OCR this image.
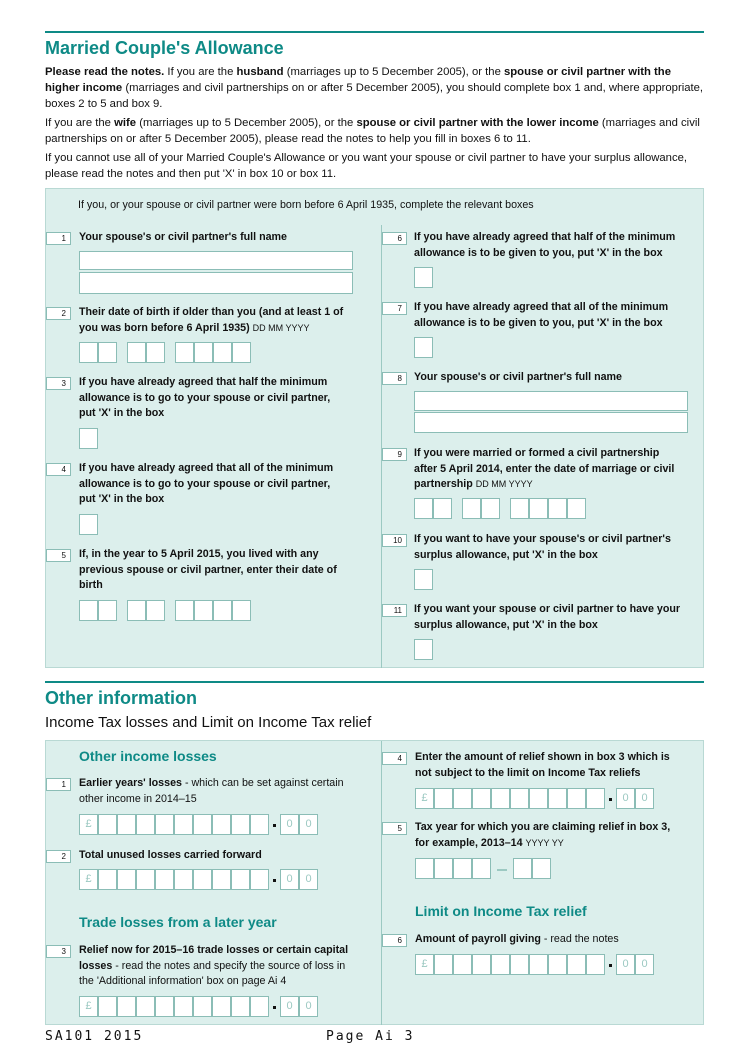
Married Couple's Allowance
Please read the notes. If you are the husband (marriages up to 5 December 2005), or the spouse or civil partner with the higher income (marriages and civil partnerships on or after 5 December 2005), you should complete box 1 and, where appropriate, boxes 2 to 5 and box 9.
If you are the wife (marriages up to 5 December 2005), or the spouse or civil partner with the lower income (marriages and civil partnerships on or after 5 December 2005), please read the notes to help you fill in boxes 6 to 11.
If you cannot use all of your Married Couple's Allowance or you want your spouse or civil partner to have your surplus allowance, please read the notes and then put 'X' in box 10 or box 11.
If you, or your spouse or civil partner were born before 6 April 1935, complete the relevant boxes
1	Your spouse's or civil partner's full name
2	Their date of birth if older than you (and at least 1 of you was born before 6 April 1935) DD MM YYYY
3	If you have already agreed that half the minimum allowance is to go to your spouse or civil partner, put 'X' in the box
4	If you have already agreed that all of the minimum allowance is to go to your spouse or civil partner, put 'X' in the box
5	If, in the year to 5 April 2015, you lived with any previous spouse or civil partner, enter their date of birth
6	If you have already agreed that half of the minimum allowance is to be given to you, put 'X' in the box
7	If you have already agreed that all of the minimum allowance is to be given to you, put 'X' in the box
8	Your spouse's or civil partner's full name
9	If you were married or formed a civil partnership after 5 April 2014, enter the date of marriage or civil partnership DD MM YYYY
10	If you want to have your spouse's or civil partner's surplus allowance, put 'X' in the box
11	If you want your spouse or civil partner to have your surplus allowance, put 'X' in the box
Other information
Income Tax losses and Limit on Income Tax relief
Other income losses
1	Earlier years' losses - which can be set against certain other income in 2014–15
£	0	0
2	Total unused losses carried forward
£	0	0
Trade losses from a later year
3	Relief now for 2015–16 trade losses or certain capital losses - read the notes and specify the source of loss in the 'Additional information' box on page Ai 4
£	0	0
4	Enter the amount of relief shown in box 3 which is not subject to the limit on Income Tax reliefs
£	0	0
5	Tax year for which you are claiming relief in box 3, for example, 2013–14 YYYY YY
Limit on Income Tax relief
6	Amount of payroll giving - read the notes
£	0	0
SA101 2015	Page Ai 3
